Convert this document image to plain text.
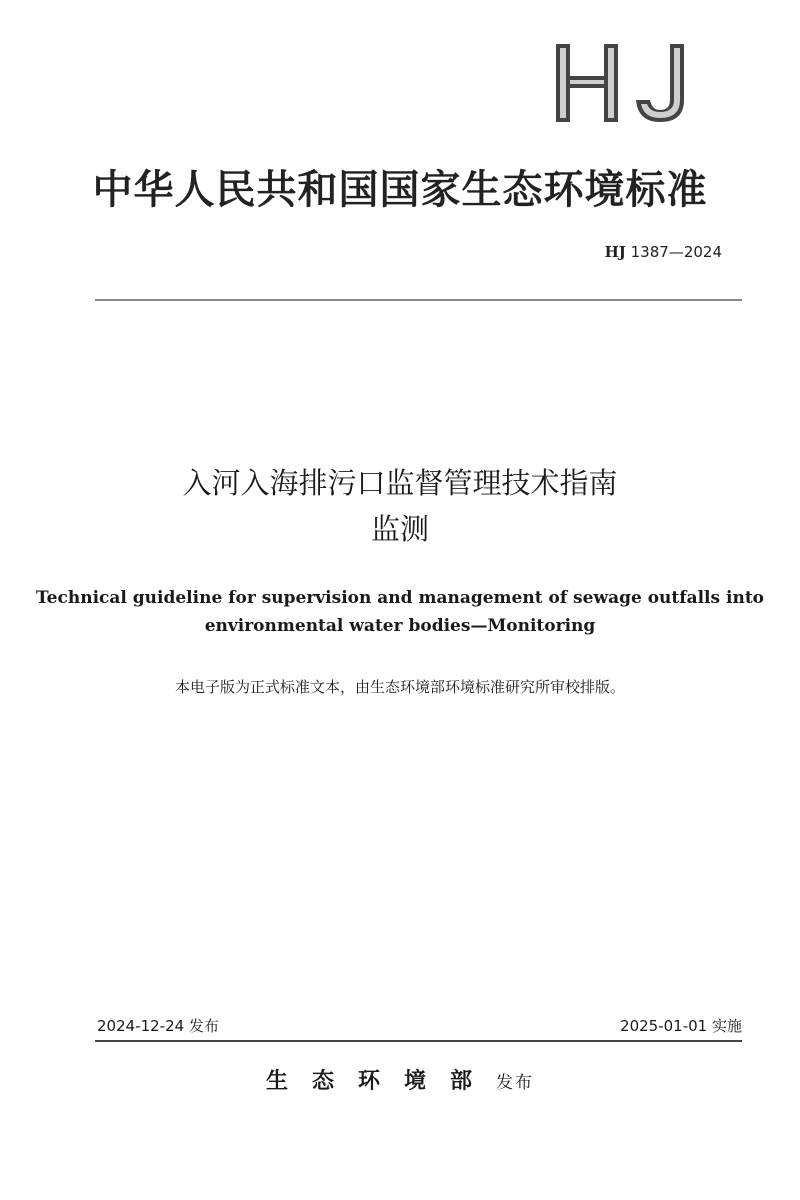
中华人民共和国国家生态环境标准
HJ 1387—2024
入河入海排污口监督管理技术指南
监测
Technical guideline for supervision and management of sewage outfalls into
environmental water bodies—Monitoring
本电子版为正式标准文本，由生态环境部环境标准研究所审校排版。
2024-12-24 发布	2025-01-01 实施
生态环境部发布
